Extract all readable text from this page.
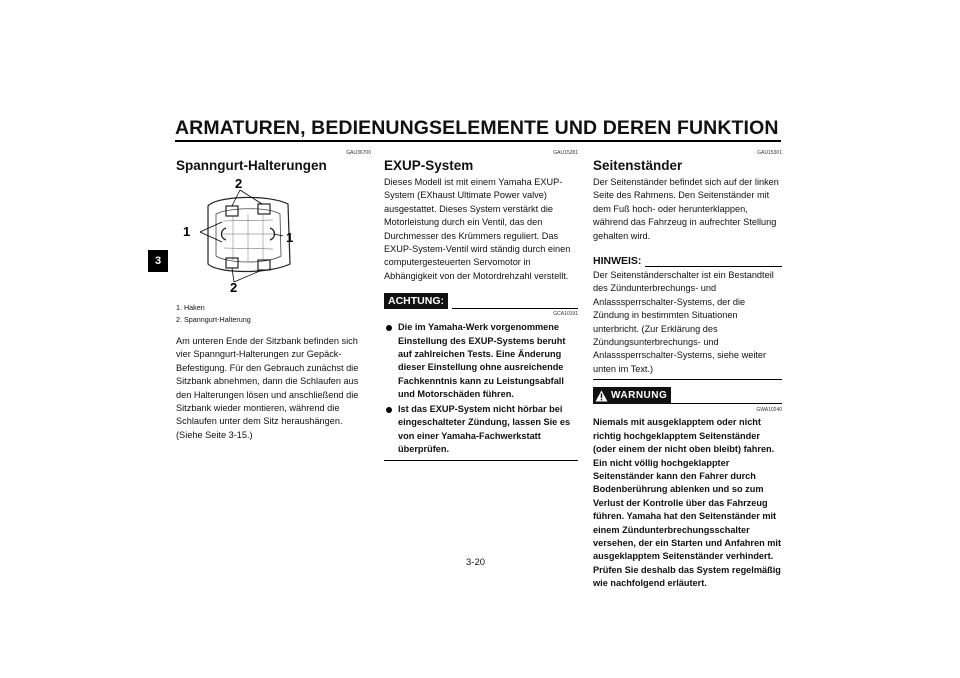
ARMATUREN, BEDIENUNGSELEMENTE UND DEREN FUNKTION
3
GAU36700
Spanngurt-Halterungen
1	1
2
2
1. Haken
2. Spanngurt-Halterung

Am unteren Ende der Sitzbank befinden sich vier Spanngurt-Halterungen zur Gepäck-Befestigung. Für den Gebrauch zunächst die Sitzbank abnehmen, dann die Schlaufen aus den Halterungen lösen und anschließend die Sitzbank wieder montieren, während die Schlaufen unter dem Sitz heraushängen. (Siehe Seite 3-15.)

GAU15281
EXUP-System

Dieses Modell ist mit einem Yamaha EXUP-System (EXhaust Ultimate Power valve) ausgestattet. Dieses System verstärkt die Motorleistung durch ein Ventil, das den Durchmesser des Krümmers reguliert. Das EXUP-System-Ventil wird ständig durch einen computergesteuerten Servomotor in Abhängigkeit von der Motordrehzahl verstellt.

ACHTUNG:
GCA10191
Die im Yamaha-Werk vorgenommene Einstellung des EXUP-Systems beruht auf zahlreichen Tests. Eine Änderung dieser Einstellung ohne ausreichende Fachkenntnis kann zu Leistungsabfall und Motorschäden führen.
Ist das EXUP-System nicht hörbar bei eingeschalteter Zündung, lassen Sie es von einer Yamaha-Fachwerkstatt überprüfen.
GAU15301
Seitenständer

Der Seitenständer befindet sich auf der linken Seite des Rahmens. Den Seitenständer mit dem Fuß hoch- oder herunterklappen, während das Fahrzeug in aufrechter Stellung gehalten wird.

HINWEIS:

Der Seitenständerschalter ist ein Bestandteil des Zündunterbrechungs- und Anlasssperrschalter-Systems, der die Zündung in bestimmten Situationen unterbricht. (Zur Erklärung des Zündungsunterbrechungs- und Anlasssperrschalter-Systems, siehe weiter unten im Text.)

WARNUNG
GWA10240

Niemals mit ausgeklapptem oder nicht richtig hochgeklapptem Seitenständer (oder einem der nicht oben bleibt) fahren. Ein nicht völlig hochgeklappter Seitenständer kann den Fahrer durch Bodenberührung ablenken und so zum Verlust der Kontrolle über das Fahrzeug führen. Yamaha hat den Seitenständer mit einem Zündunterbrechungsschalter versehen, der ein Starten und Anfahren mit ausgeklapptem Seitenständer verhindert. Prüfen Sie deshalb das System regelmäßig wie nachfolgend erläutert.

3-20
